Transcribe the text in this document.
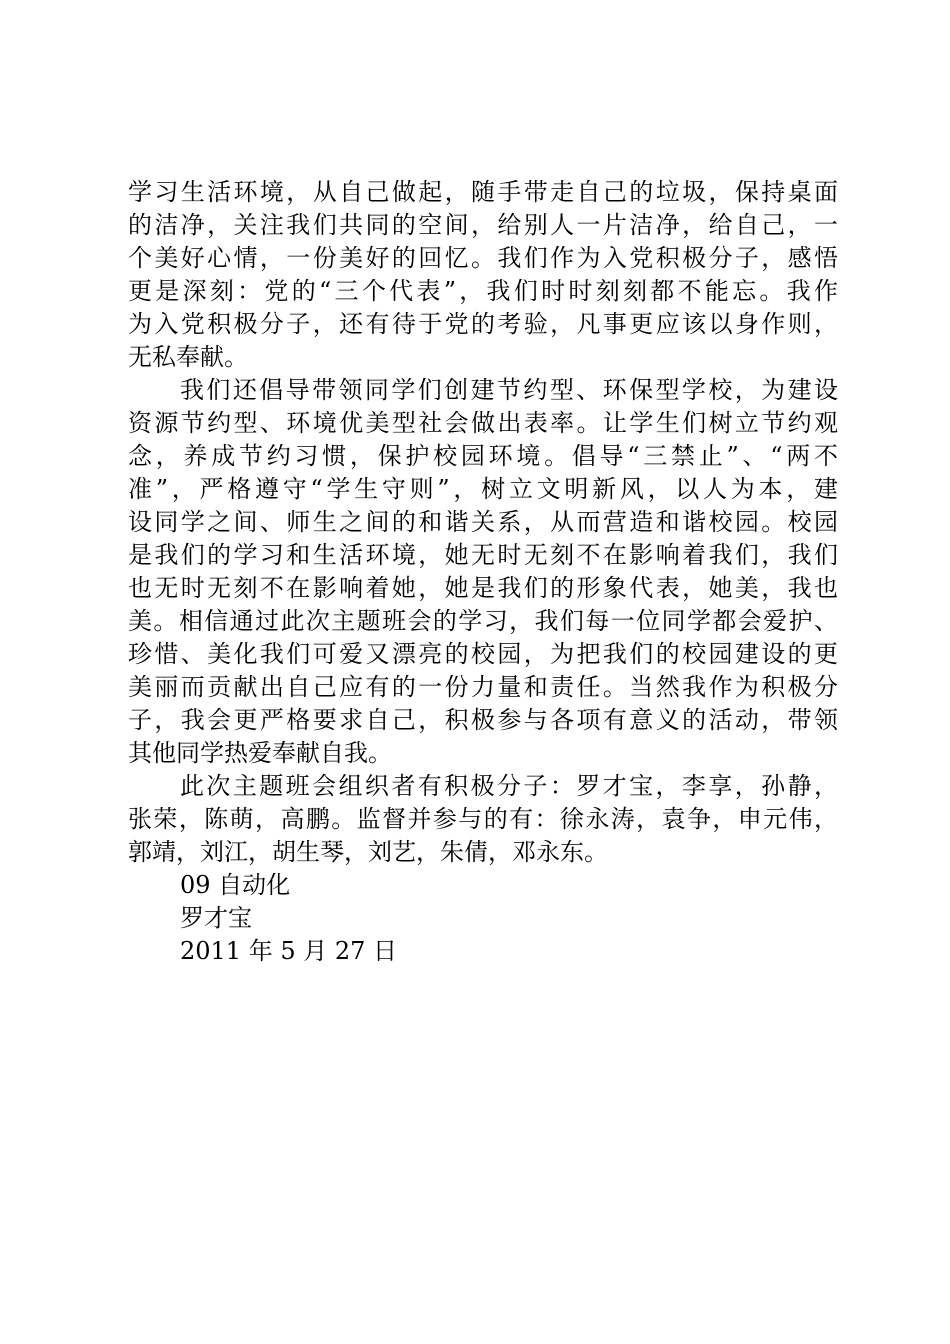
学习生活环境，从自己做起，随手带走自己的垃圾，保持桌面
的洁净，关注我们共同的空间，给别人一片洁净，给自己，一
个美好心情，一份美好的回忆。我们作为入党积极分子，感悟
更是深刻：党的“三个代表”，我们时时刻刻都不能忘。我作
为入党积极分子，还有待于党的考验，凡事更应该以身作则，
无私奉献。
我们还倡导带领同学们创建节约型、环保型学校，为建设
资源节约型、环境优美型社会做出表率。让学生们树立节约观
念，养成节约习惯，保护校园环境。倡导“三禁止”、“两不
准”，严格遵守“学生守则”，树立文明新风，以人为本，建
设同学之间、师生之间的和谐关系，从而营造和谐校园。校园
是我们的学习和生活环境，她无时无刻不在影响着我们，我们
也无时无刻不在影响着她，她是我们的形象代表，她美，我也
美。相信通过此次主题班会的学习，我们每一位同学都会爱护、
珍惜、美化我们可爱又漂亮的校园，为把我们的校园建设的更
美丽而贡献出自己应有的一份力量和责任。当然我作为积极分
子，我会更严格要求自己，积极参与各项有意义的活动，带领
其他同学热爱奉献自我。
此次主题班会组织者有积极分子：罗才宝，李享，孙静，
张荣，陈萌，高鹏。监督并参与的有：徐永涛，袁争，申元伟，
郭靖，刘江，胡生琴，刘艺，朱倩，邓永东。
09 自动化
罗才宝
2011 年 5 月 27 日
